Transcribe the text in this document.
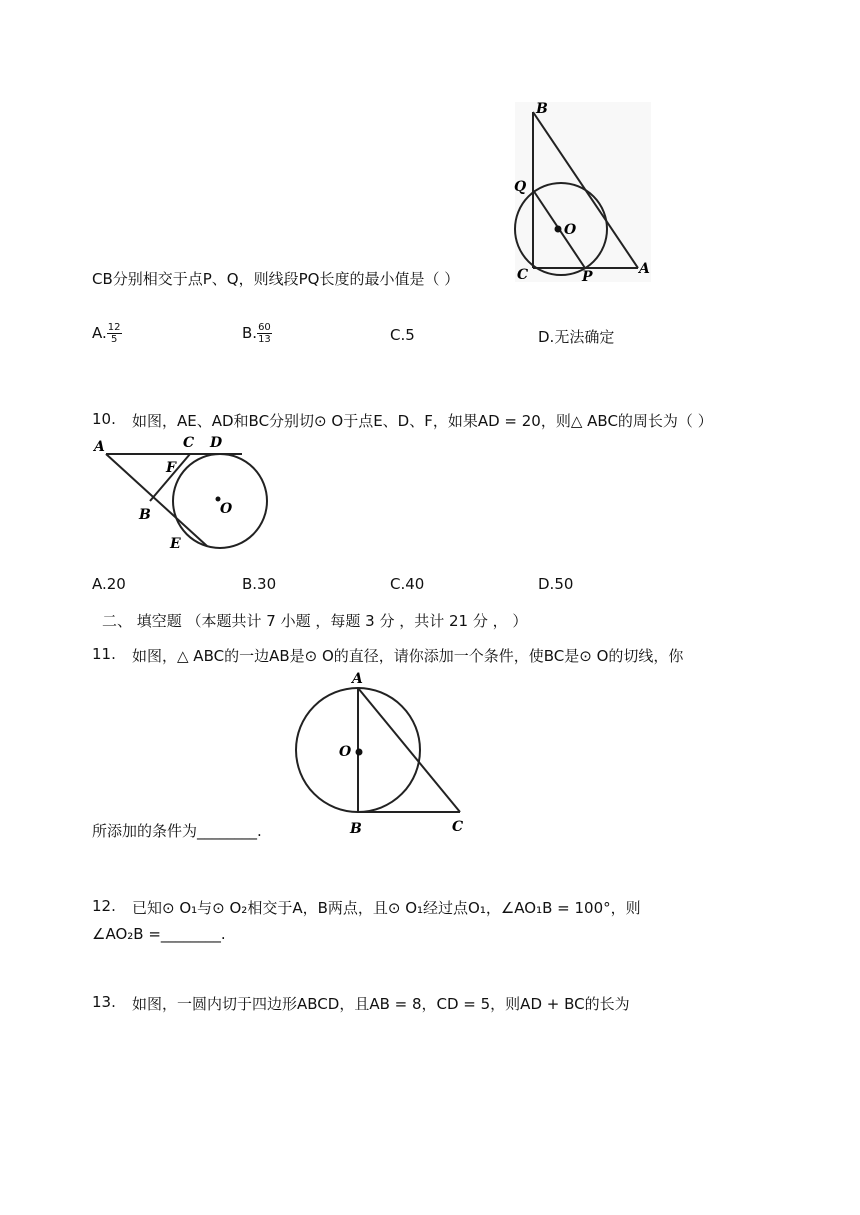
B
Q
O
C	P	A
CB分别相交于点P、Q，则线段PQ长度的最小值是（ ）
A. $\frac{12}{5}$	B. $\frac{60}{13}$	C.5	D.无法确定
10. 如图，AE、AD和BC分别切⊙ O于点E、D、F，如果AD = 20，则△ ABC的周长为（ ）
A	C D
F
O
B
E
A.20	B.30	C.40	D.50
二、 填空题 （本题共计 7 小题 ，每题 3 分 ，共计 21 分 ， ）
11. 如图，△ ABC的一边AB是⊙ O的直径，请你添加一个条件，使BC是⊙ O的切线，你
A
O
B	C
所添加的条件为________.
12. 已知⊙ O₁与⊙ O₂相交于A，B两点，且⊙ O₁经过点O₁，∠AO₁B = 100°，则
∠AO₂B =________.
13. 如图，一圆内切于四边形ABCD，且AB = 8，CD = 5，则AD + BC的长为
